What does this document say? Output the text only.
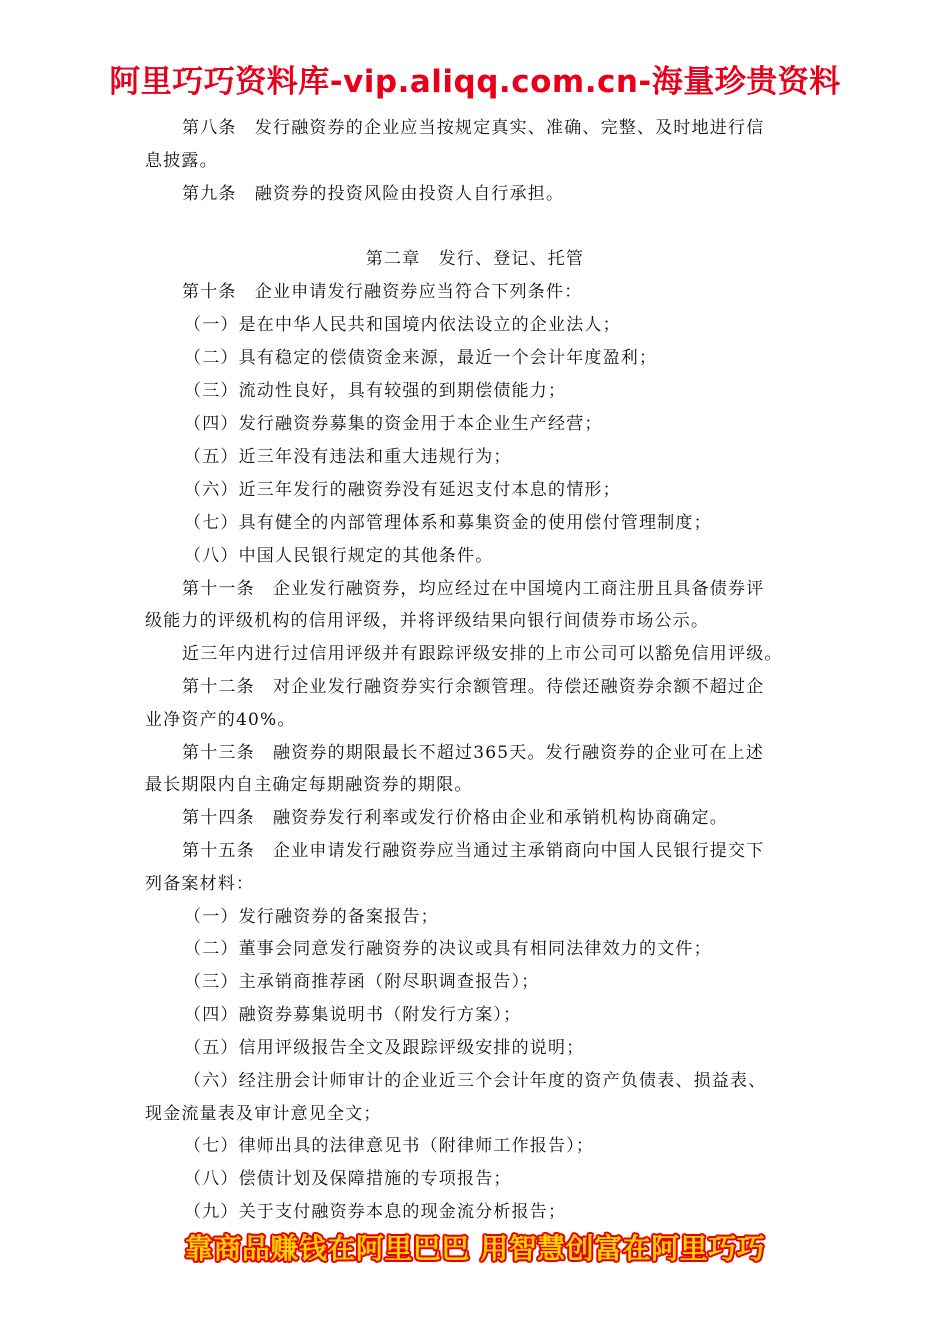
阿里巧巧资料库-vip.aliqq.com.cn-海量珍贵资料
第八条　发行融资券的企业应当按规定真实、准确、完整、及时地进行信
息披露。
第九条　融资券的投资风险由投资人自行承担。
第二章　发行、登记、托管
第十条　企业申请发行融资券应当符合下列条件：
（一）是在中华人民共和国境内依法设立的企业法人；
（二）具有稳定的偿债资金来源，最近一个会计年度盈利；
（三）流动性良好，具有较强的到期偿债能力；
（四）发行融资券募集的资金用于本企业生产经营；
（五）近三年没有违法和重大违规行为；
（六）近三年发行的融资券没有延迟支付本息的情形；
（七）具有健全的内部管理体系和募集资金的使用偿付管理制度；
（八）中国人民银行规定的其他条件。
第十一条　企业发行融资券，均应经过在中国境内工商注册且具备债券评
级能力的评级机构的信用评级，并将评级结果向银行间债券市场公示。
近三年内进行过信用评级并有跟踪评级安排的上市公司可以豁免信用评级。
第十二条　对企业发行融资券实行余额管理。待偿还融资券余额不超过企
业净资产的40%。
第十三条　融资券的期限最长不超过365天。发行融资券的企业可在上述
最长期限内自主确定每期融资券的期限。
第十四条　融资券发行利率或发行价格由企业和承销机构协商确定。
第十五条　企业申请发行融资券应当通过主承销商向中国人民银行提交下
列备案材料：
（一）发行融资券的备案报告；
（二）董事会同意发行融资券的决议或具有相同法律效力的文件；
（三）主承销商推荐函（附尽职调查报告）；
（四）融资券募集说明书（附发行方案）；
（五）信用评级报告全文及跟踪评级安排的说明；
（六）经注册会计师审计的企业近三个会计年度的资产负债表、损益表、
现金流量表及审计意见全文；
（七）律师出具的法律意见书（附律师工作报告）；
（八）偿债计划及保障措施的专项报告；
（九）关于支付融资券本息的现金流分析报告；
靠商品赚钱在阿里巴巴 用智慧创富在阿里巧巧
